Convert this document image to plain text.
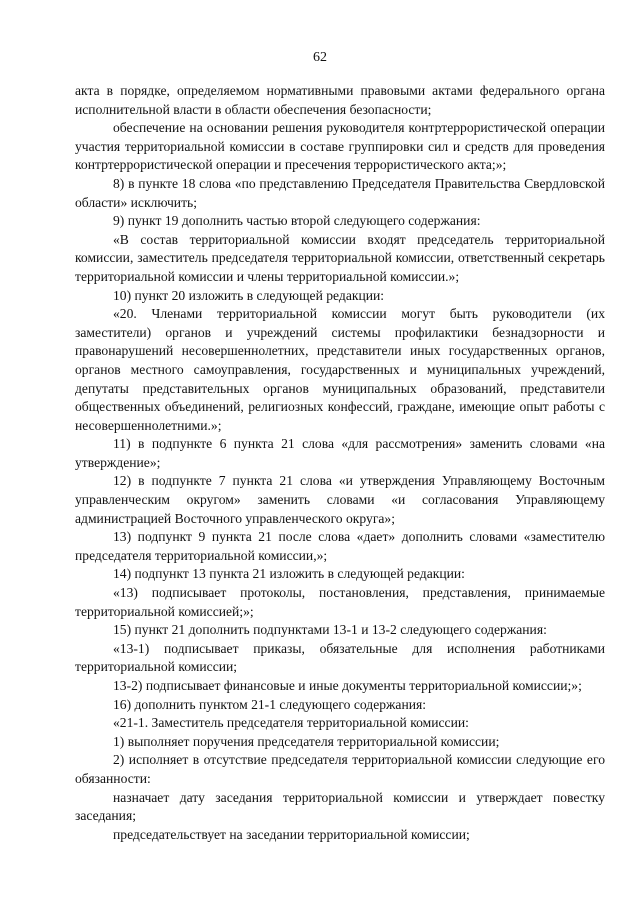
62

акта в порядке, определяемом нормативными правовыми актами федерального органа исполнительной власти в области обеспечения безопасности;

обеспечение на основании решения руководителя контртеррористической операции участия территориальной комиссии в составе группировки сил и средств для проведения контртеррористической операции и пресечения террористического акта;»;

8) в пункте 18 слова «по представлению Председателя Правительства Свердловской области» исключить;

9) пункт 19 дополнить частью второй следующего содержания:

«В состав территориальной комиссии входят председатель территориальной комиссии, заместитель председателя территориальной комиссии, ответственный секретарь территориальной комиссии и члены территориальной комиссии.»;

10) пункт 20 изложить в следующей редакции:

«20. Членами территориальной комиссии могут быть руководители (их заместители) органов и учреждений системы профилактики безнадзорности и правонарушений несовершеннолетних, представители иных государственных органов, органов местного самоуправления, государственных и муниципальных учреждений, депутаты представительных органов муниципальных образований, представители общественных объединений, религиозных конфессий, граждане, имеющие опыт работы с несовершеннолетними.»;

11) в подпункте 6 пункта 21 слова «для рассмотрения» заменить словами «на утверждение»;

12) в подпункте 7 пункта 21 слова «и утверждения Управляющему Восточным управленческим округом» заменить словами «и согласования Управляющему администрацией Восточного управленческого округа»;

13) подпункт 9 пункта 21 после слова «дает» дополнить словами «заместителю председателя территориальной комиссии,»;

14) подпункт 13 пункта 21 изложить в следующей редакции:

«13) подписывает протоколы, постановления, представления, принимаемые территориальной комиссией;»;

15) пункт 21 дополнить подпунктами 13-1 и 13-2 следующего содержания:

«13-1) подписывает приказы, обязательные для исполнения работниками территориальной комиссии;

13-2) подписывает финансовые и иные документы территориальной комиссии;»;

16) дополнить пунктом 21-1 следующего содержания:

«21-1. Заместитель председателя территориальной комиссии:

1) выполняет поручения председателя территориальной комиссии;

2) исполняет в отсутствие председателя территориальной комиссии следующие его обязанности:

назначает дату заседания территориальной комиссии и утверждает повестку заседания;

председательствует на заседании территориальной комиссии;
